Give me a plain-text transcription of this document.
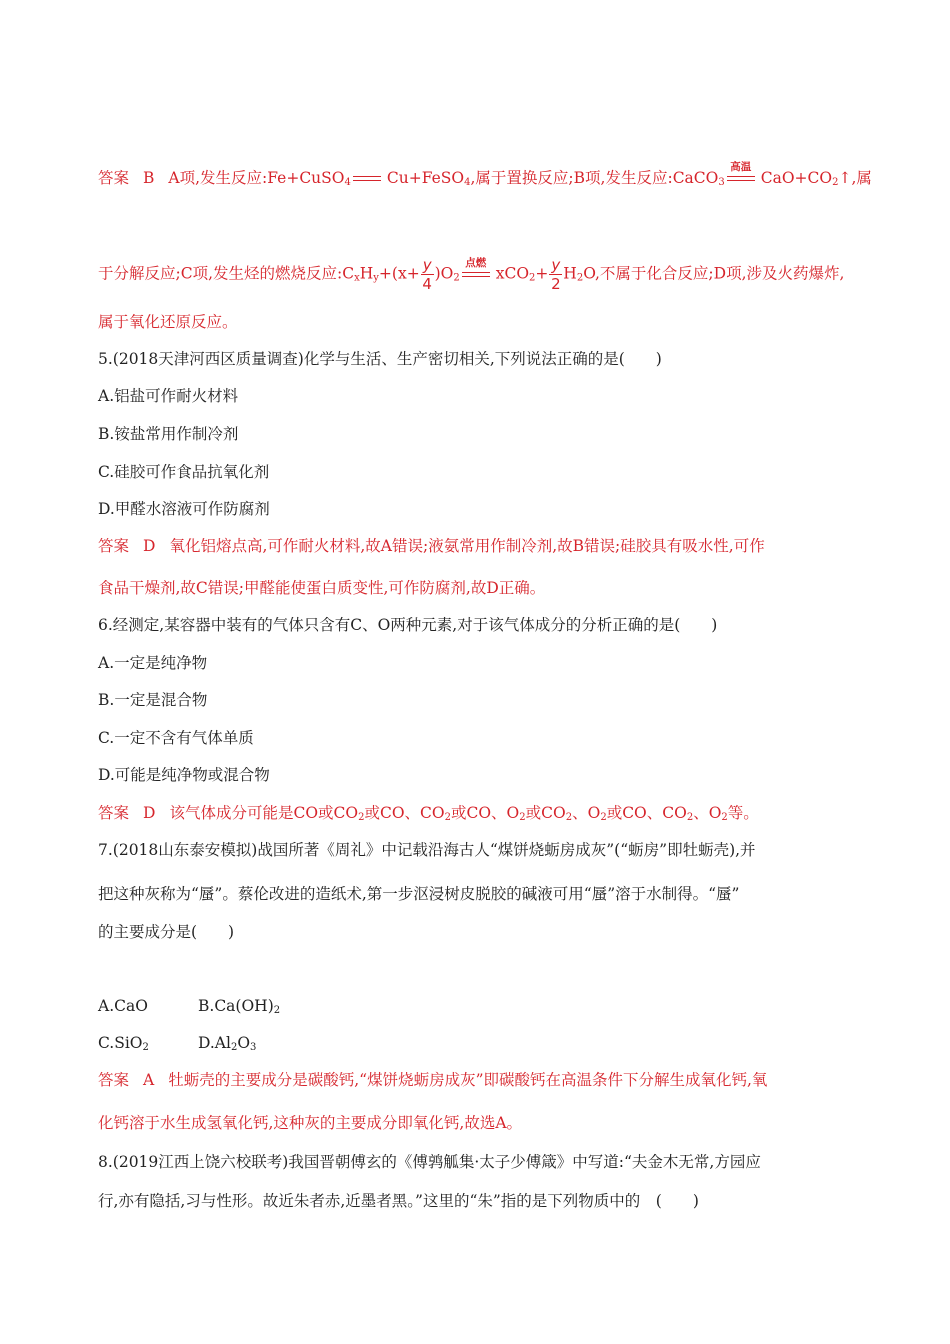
答案 B A项,发生反应:Fe+CuSO$_4$ Cu+FeSO$_4$,属于置换反应;B项,发生反应:CaCO$_3$
高温
$CaO+CO_2↑$,属
于分解反应;C项,发生烃的燃烧反应$:C_xH_y+(x+ \frac{y}{4} )O_2$
点燃
$xCO_2+ \frac{y}{2} H_2O$,不属于化合反应;D项,涉及火药爆炸,
属于氧化还原反应。
5.(2018天津河西区质量调查)化学与生活、生产密切相关,下列说法正确的是(　　)
A.铝盐可作耐火材料
B.铵盐常用作制冷剂
C.硅胶可作食品抗氧化剂
D.甲醛水溶液可作防腐剂
答案 D 氧化铝熔点高,可作耐火材料,故A错误;液氨常用作制冷剂,故B错误;硅胶具有吸水性,可作
食品干燥剂,故C错误;甲醛能使蛋白质变性,可作防腐剂,故D正确。
6.经测定,某容器中装有的气体只含有C、O两种元素,对于该气体成分的分析正确的是(　　)
A.一定是纯净物
B.一定是混合物
C.一定不含有气体单质
D.可能是纯净物或混合物
答案 D 该气体成分可能是CO或$CO_2$或CO、$CO_2$或CO、$O_2$或$CO_2$、$O_2$或CO、$CO_2$、$O_2$等。
7.(2018山东泰安模拟)战国所著《周礼》中记载沿海古人“煤饼烧蛎房成灰”(“蛎房”即牡蛎壳),并
把这种灰称为“蜃”。蔡伦改进的造纸术,第一步沤浸树皮脱胶的碱液可用“蜃”溶于水制得。“蜃”
的主要成分是(　　)
A.CaO	$B.Ca(OH)_2$
C.SiO$_2$	$D.Al_2O_3$
答案 A 牡蛎壳的主要成分是碳酸钙,“煤饼烧蛎房成灰”即碳酸钙在高温条件下分解生成氧化钙,氧
化钙溶于水生成氢氧化钙,这种灰的主要成分即氧化钙,故选A。
8.(2019江西上饶六校联考)我国晋朝傅玄的《傅鹑觚集·太子少傅箴》中写道:“夫金木无常,方园应
行,亦有隐括,习与性形。故近朱者赤,近墨者黑。”这里的“朱”指的是下列物质中的　(　　)
